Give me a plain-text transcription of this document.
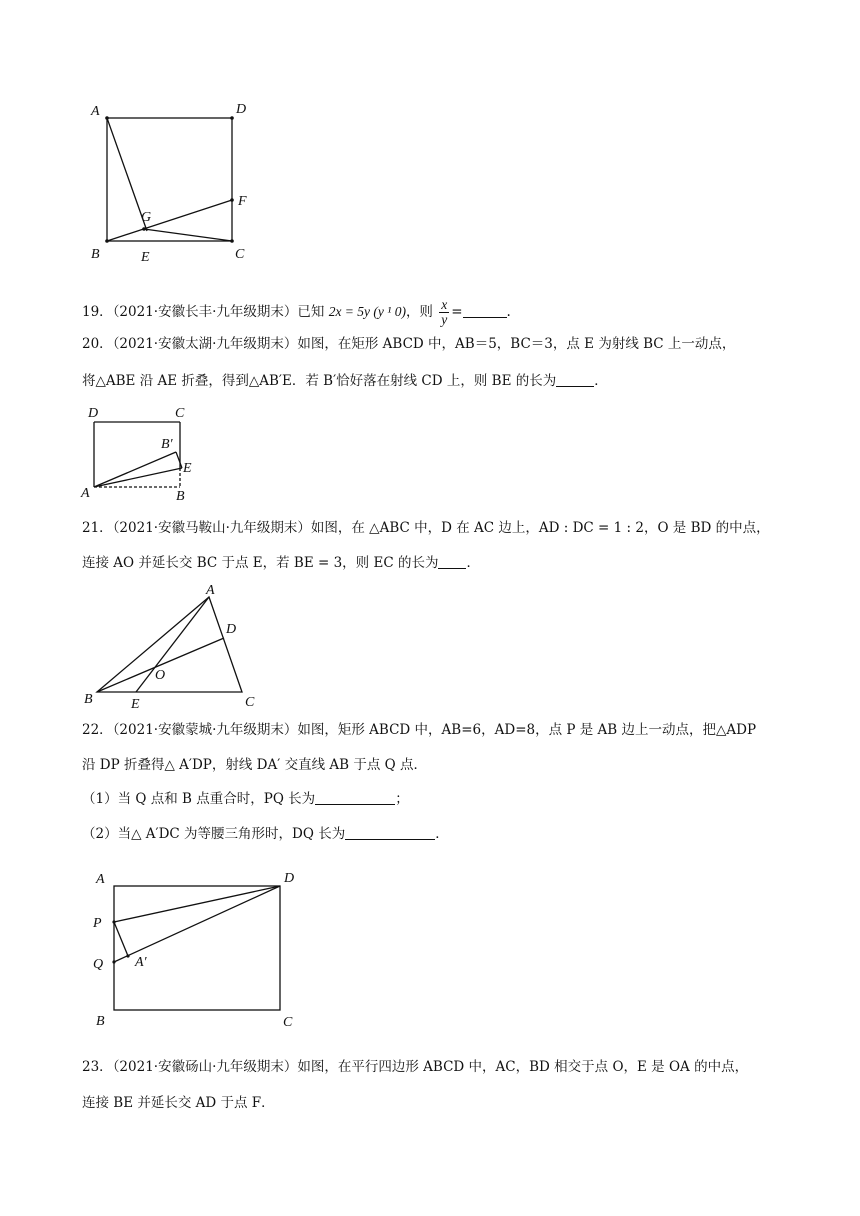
A	D
F
G
B	E	C
19．（2021·安徽长丰·九年级期末）已知 2x = 5y (y ¹ 0)，则 $\frac{x}{y}$ =	.
20．（2021·安徽太湖·九年级期末）如图，在矩形 ABCD 中，AB＝5，BC＝3，点 E 为射线 BC 上一动点，
将△ABE 沿 AE 折叠，得到△AB′E．若 B′恰好落在射线 CD 上，则 BE 的长为	．
D	C
B′
E
A	B
21．（2021·安徽马鞍山·九年级期末）如图，在 △ABC 中，D 在 AC 边上，AD : DC = 1 : 2，O 是 BD 的中点，
连接 AO 并延长交 BC 于点 E，若 BE = 3，则 EC 的长为 ．
A
D
O
B	E	C
22．（2021·安徽蒙城·九年级期末）如图，矩形 ABCD 中，AB=6，AD=8，点 P 是 AB 边上一动点，把△ADP
沿 DP 折叠得△ A′DP，射线 DA′ 交直线 AB 于点 Q 点．
（1）当 Q 点和 B 点重合时，PQ 长为	；
（2）当△ A′DC 为等腰三角形时，DQ 长为	．
A	D
P
Q A′
B	C
23．（2021·安徽砀山·九年级期末）如图，在平行四边形 ABCD 中，AC，BD 相交于点 O，E 是 OA 的中点，
连接 BE 并延长交 AD 于点 F．
